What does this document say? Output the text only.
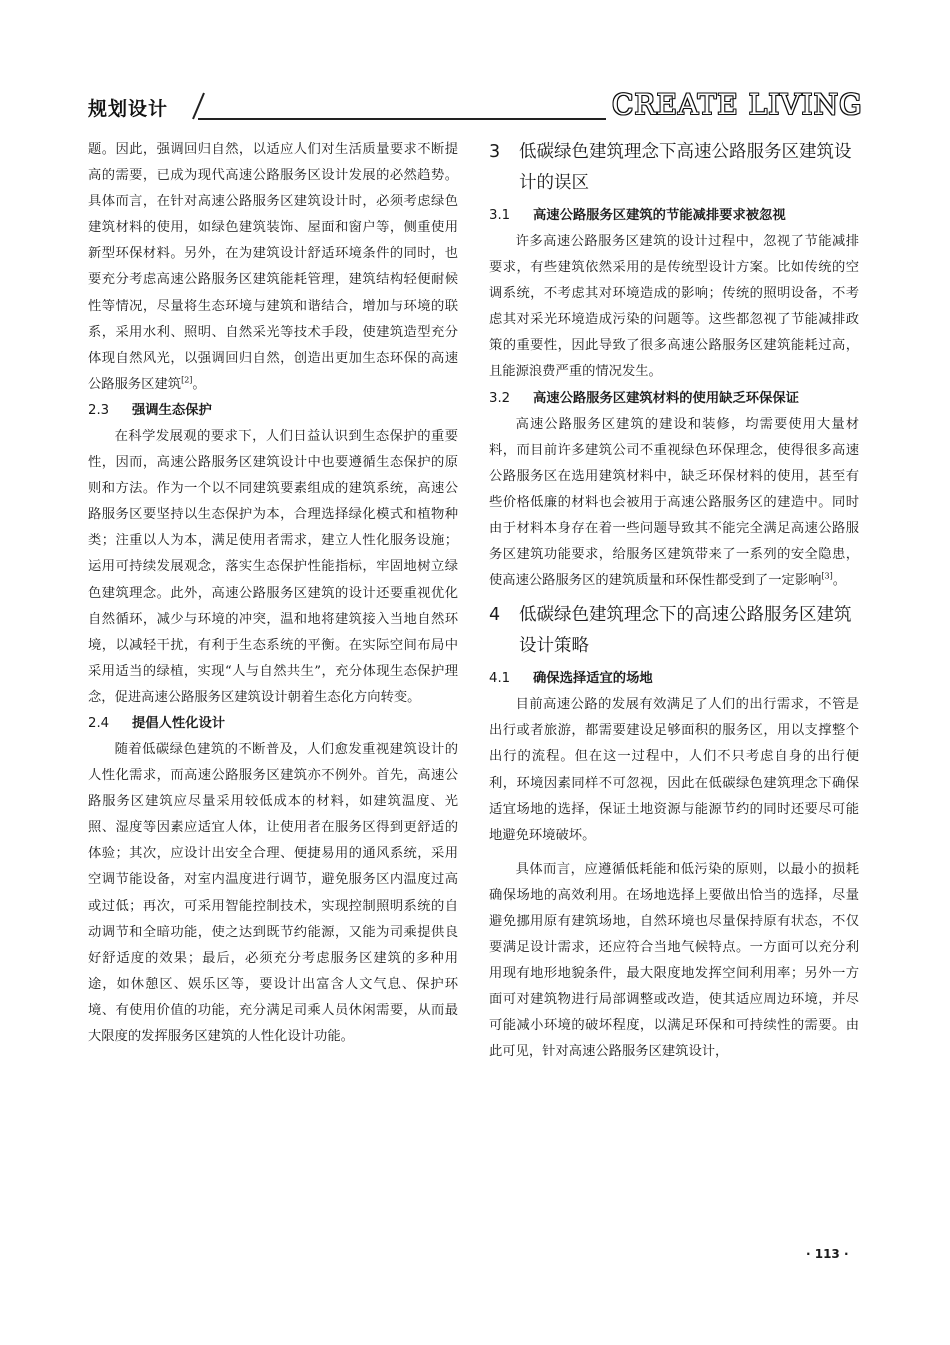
规划设计	CREATE LIVING

题。因此，强调回归自然，以适应人们对生活质量要求不断提高的需要，已成为现代高速公路服务区设计发展的必然趋势。具体而言，在针对高速公路服务区建筑设计时，必须考虑绿色建筑材料的使用，如绿色建筑装饰、屋面和窗户等，侧重使用新型环保材料。另外，在为建筑设计舒适环境条件的同时，也要充分考虑高速公路服务区建筑能耗管理，建筑结构轻便耐候性等情况，尽量将生态环境与建筑和谐结合，增加与环境的联系，采用水利、照明、自然采光等技术手段，使建筑造型充分体现自然风光，以强调回归自然，创造出更加生态环保的高速公路服务区建筑[2]。

2.3	强调生态保护

在科学发展观的要求下，人们日益认识到生态保护的重要性，因而，高速公路服务区建筑设计中也要遵循生态保护的原则和方法。作为一个以不同建筑要素组成的建筑系统，高速公路服务区要坚持以生态保护为本，合理选择绿化模式和植物种类；注重以人为本，满足使用者需求，建立人性化服务设施；运用可持续发展观念，落实生态保护性能指标，牢固地树立绿色建筑理念。此外，高速公路服务区建筑的设计还要重视优化自然循环，减少与环境的冲突，温和地将建筑接入当地自然环境，以减轻干扰，有利于生态系统的平衡。在实际空间布局中采用适当的绿植，实现“人与自然共生”，充分体现生态保护理念，促进高速公路服务区建筑设计朝着生态化方向转变。

2.4	提倡人性化设计

随着低碳绿色建筑的不断普及，人们愈发重视建筑设计的人性化需求，而高速公路服务区建筑亦不例外。首先，高速公路服务区建筑应尽量采用较低成本的材料，如建筑温度、光照、湿度等因素应适宜人体，让使用者在服务区得到更舒适的体验；其次，应设计出安全合理、便捷易用的通风系统，采用空调节能设备，对室内温度进行调节，避免服务区内温度过高或过低；再次，可采用智能控制技术，实现控制照明系统的自动调节和全暗功能，使之达到既节约能源，又能为司乘提供良好舒适度的效果；最后，必须充分考虑服务区建筑的多种用途，如休憩区、娱乐区等，要设计出富含人文气息、保护环境、有使用价值的功能，充分满足司乘人员休闲需要，从而最大限度的发挥服务区建筑的人性化设计功能。

3	低碳绿色建筑理念下高速公路服务区建筑设计的误区
3.1	高速公路服务区建筑的节能减排要求被忽视

许多高速公路服务区建筑的设计过程中，忽视了节能减排要求，有些建筑依然采用的是传统型设计方案。比如传统的空调系统，不考虑其对环境造成的影响；传统的照明设备，不考虑其对采光环境造成污染的问题等。这些都忽视了节能减排政策的重要性，因此导致了很多高速公路服务区建筑能耗过高，且能源浪费严重的情况发生。

3.2	高速公路服务区建筑材料的使用缺乏环保保证

高速公路服务区建筑的建设和装修，均需要使用大量材料，而目前许多建筑公司不重视绿色环保理念，使得很多高速公路服务区在选用建筑材料中，缺乏环保材料的使用，甚至有些价格低廉的材料也会被用于高速公路服务区的建造中。同时由于材料本身存在着一些问题导致其不能完全满足高速公路服务区建筑功能要求，给服务区建筑带来了一系列的安全隐患，使高速公路服务区的建筑质量和环保性都受到了一定影响[3]。

4	低碳绿色建筑理念下的高速公路服务区建筑设计策略
4.1	确保选择适宜的场地

目前高速公路的发展有效满足了人们的出行需求，不管是出行或者旅游，都需要建设足够面积的服务区，用以支撑整个出行的流程。但在这一过程中，人们不只考虑自身的出行便利，环境因素同样不可忽视，因此在低碳绿色建筑理念下确保适宜场地的选择，保证土地资源与能源节约的同时还要尽可能地避免环境破坏。

具体而言，应遵循低耗能和低污染的原则，以最小的损耗确保场地的高效利用。在场地选择上要做出恰当的选择，尽量避免挪用原有建筑场地，自然环境也尽量保持原有状态，不仅要满足设计需求，还应符合当地气候特点。一方面可以充分利用现有地形地貌条件，最大限度地发挥空间利用率；另外一方面可对建筑物进行局部调整或改造，使其适应周边环境，并尽可能减小环境的破坏程度，以满足环保和可持续性的需要。由此可见，针对高速公路服务区建筑设计，

· 113 ·
